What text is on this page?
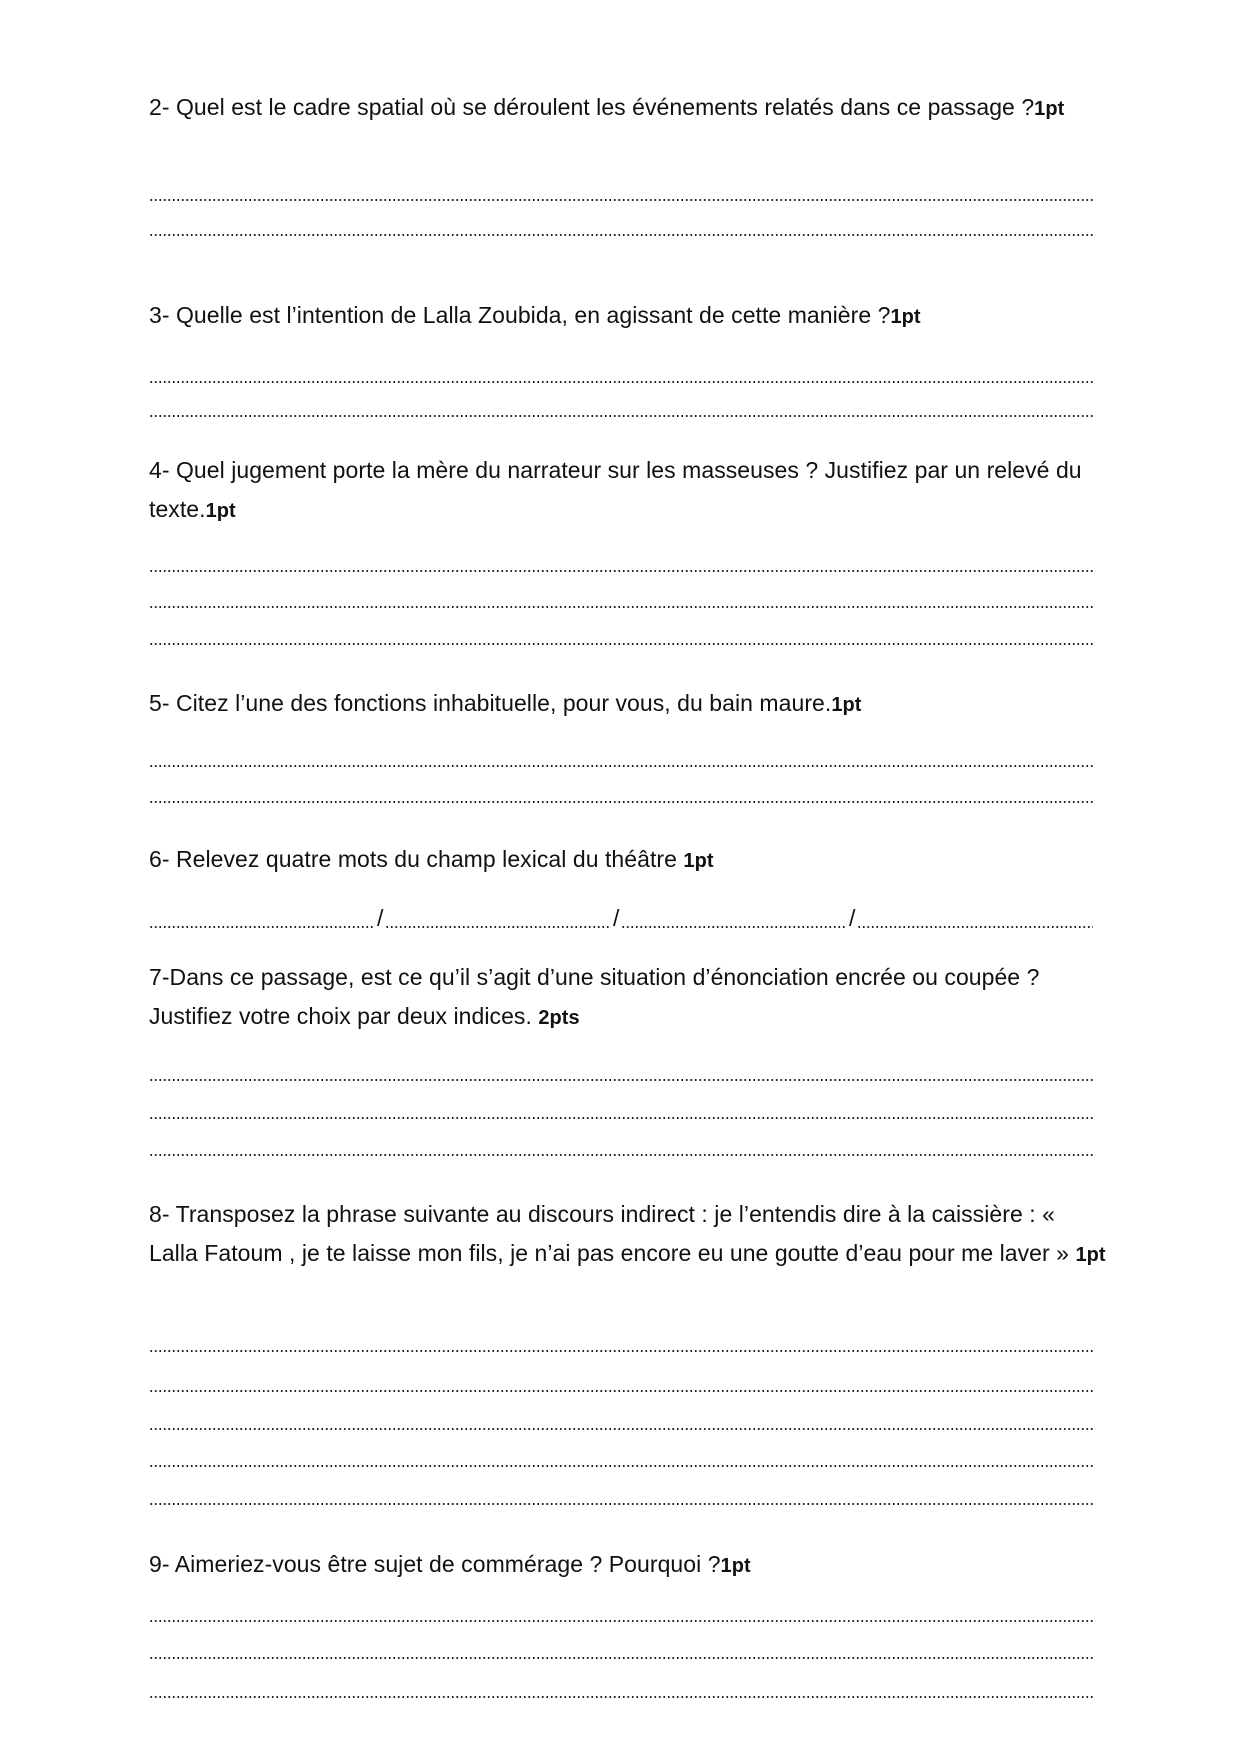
2- Quel est le cadre spatial où se déroulent les événements relatés dans ce passage ?1pt

3- Quelle est l’intention de Lalla Zoubida, en agissant de cette manière ?1pt

4- Quel jugement porte la mère du narrateur sur les masseuses ? Justifiez par un relevé du texte.1pt

5- Citez l’une des fonctions inhabituelle, pour vous, du bain maure.1pt

6- Relevez quatre mots du champ lexical du théâtre 1pt

/	/	/

7-Dans ce passage, est ce qu’il s’agit d’une situation d’énonciation encrée ou coupée ? Justifiez votre choix par deux indices. 2pts

8- Transposez la phrase suivante au discours indirect : je l’entendis dire à la caissière : « Lalla Fatoum , je te laisse mon fils, je n’ai pas encore eu une goutte d’eau pour me laver » 1pt

9- Aimeriez-vous être sujet de commérage ? Pourquoi ?1pt
